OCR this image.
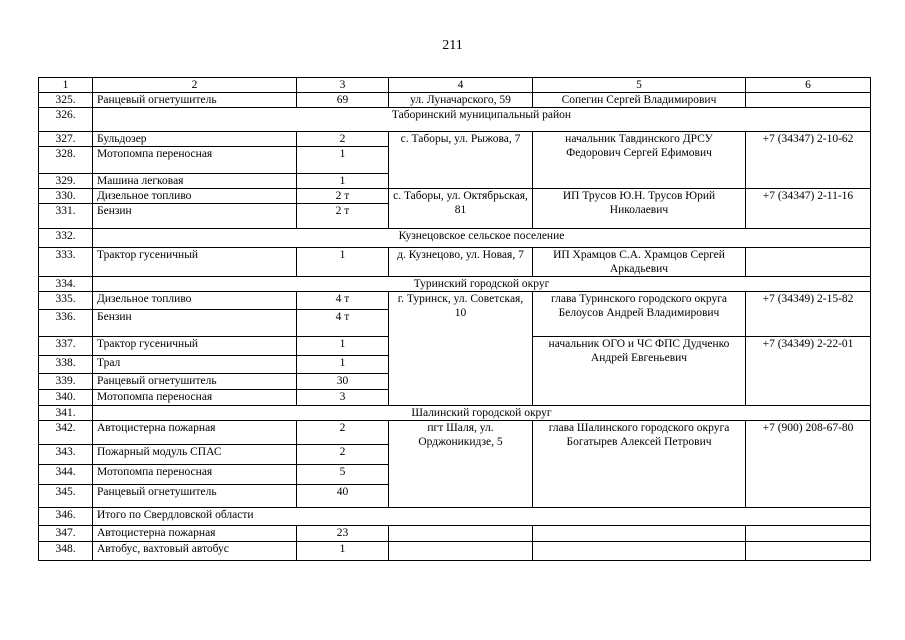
211
1	2	3	4	5	6
325.	Ранцевый огнетушитель	69	ул. Луначарского, 59	Сопегин Сергей Владимирович	
326.	Таборинский муниципальный район				
327.	Бульдозер	2	с. Таборы, ул. Рыжова, 7	начальник Тавдинского ДРСУ Федорович Сергей Ефимович	+7 (34347) 2-10-62
328.	Мотопомпа переносная	1			
329.	Машина легковая	1			
330.	Дизельное топливо	2 т	с. Таборы, ул. Октябрьская, 81	ИП Трусов Ю.Н. Трусов Юрий Николаевич	+7 (34347) 2-11-16
331.	Бензин	2 т			
332.	Кузнецовское сельское поселение				
333.	Трактор гусеничный	1	д. Кузнецово, ул. Новая, 7	ИП Храмцов С.А. Храмцов Сергей Аркадьевич	
334.	Туринский городской округ				
335.	Дизельное топливо	4 т	г. Туринск, ул. Советская, 10	глава Туринского городского округа Белоусов Андрей Владимирович	+7 (34349) 2-15-82
336.	Бензин	4 т			
337.	Трактор гусеничный	1		начальник ОГО и ЧС ФПС Дудченко Андрей Евгеньевич	+7 (34349) 2-22-01
338.	Трал	1			
339.	Ранцевый огнетушитель	30			
340.	Мотопомпа переносная	3			
341.	Шалинский городской округ				
342.	Автоцистерна пожарная	2	пгт Шаля, ул. Орджоникидзе, 5	глава Шалинского городского округа Богатырев Алексей Петрович	+7 (900) 208-67-80
343.	Пожарный модуль СПАС	2			
344.	Мотопомпа переносная	5			
345.	Ранцевый огнетушитель	40			
346.	Итого по Свердловской области				
347.	Автоцистерна пожарная	23			
348.	Автобус, вахтовый автобус	1			
